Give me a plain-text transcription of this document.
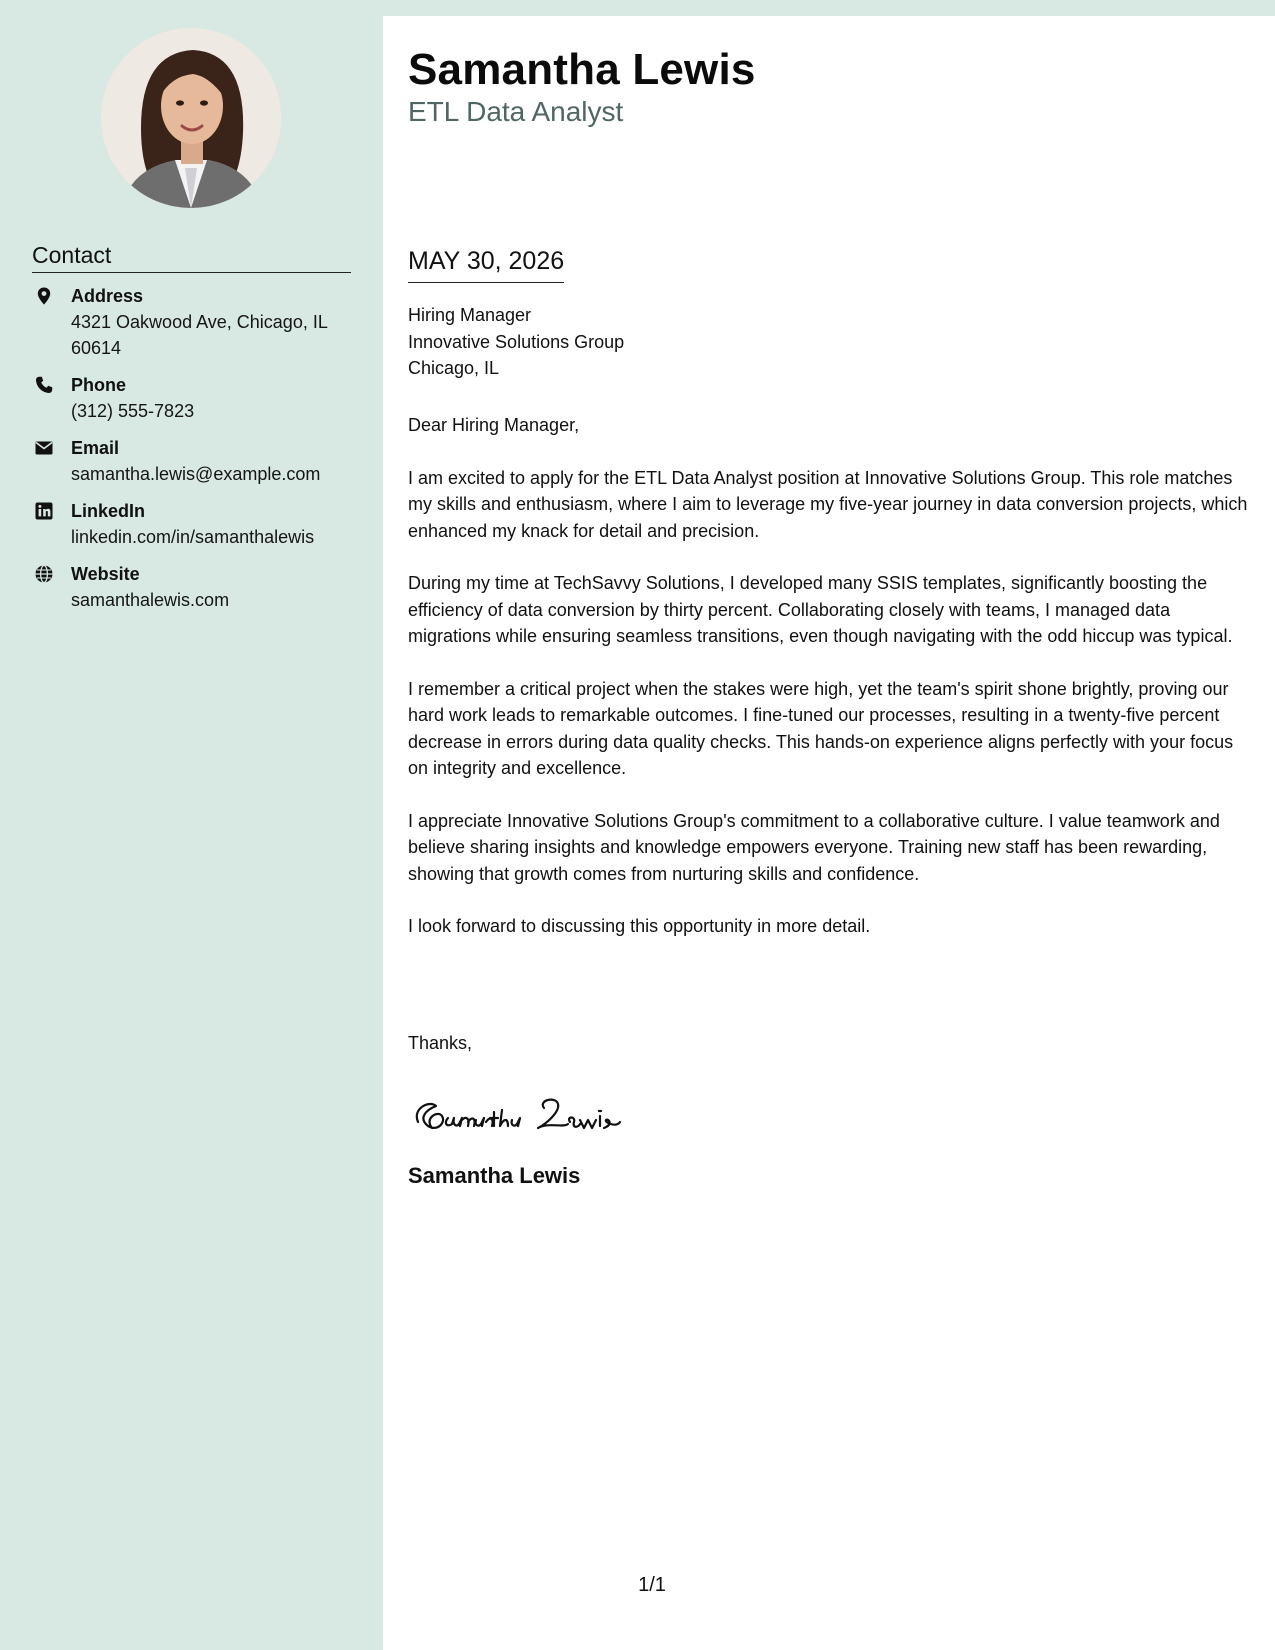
Contact
Address
4321 Oakwood Ave, Chicago, IL 60614
Phone
(312) 555-7823
Email
samantha.lewis@example.com
LinkedIn
linkedin.com/in/samanthalewis
Website
samanthalewis.com
Samantha Lewis
ETL Data Analyst
MAY 30, 2026
Hiring Manager
Innovative Solutions Group
Chicago, IL

Dear Hiring Manager,

I am excited to apply for the ETL Data Analyst position at Innovative Solutions Group. This role matches my skills and enthusiasm, where I aim to leverage my five-year journey in data conversion projects, which enhanced my knack for detail and precision.

During my time at TechSavvy Solutions, I developed many SSIS templates, significantly boosting the efficiency of data conversion by thirty percent. Collaborating closely with teams, I managed data migrations while ensuring seamless transitions, even though navigating with the odd hiccup was typical.

I remember a critical project when the stakes were high, yet the team's spirit shone brightly, proving our hard work leads to remarkable outcomes. I fine-tuned our processes, resulting in a twenty-five percent decrease in errors during data quality checks. This hands-on experience aligns perfectly with your focus on integrity and excellence.

I appreciate Innovative Solutions Group's commitment to a collaborative culture. I value teamwork and believe sharing insights and knowledge empowers everyone. Training new staff has been rewarding, showing that growth comes from nurturing skills and confidence.

I look forward to discussing this opportunity in more detail.

Thanks,
Samantha Lewis
1/1
